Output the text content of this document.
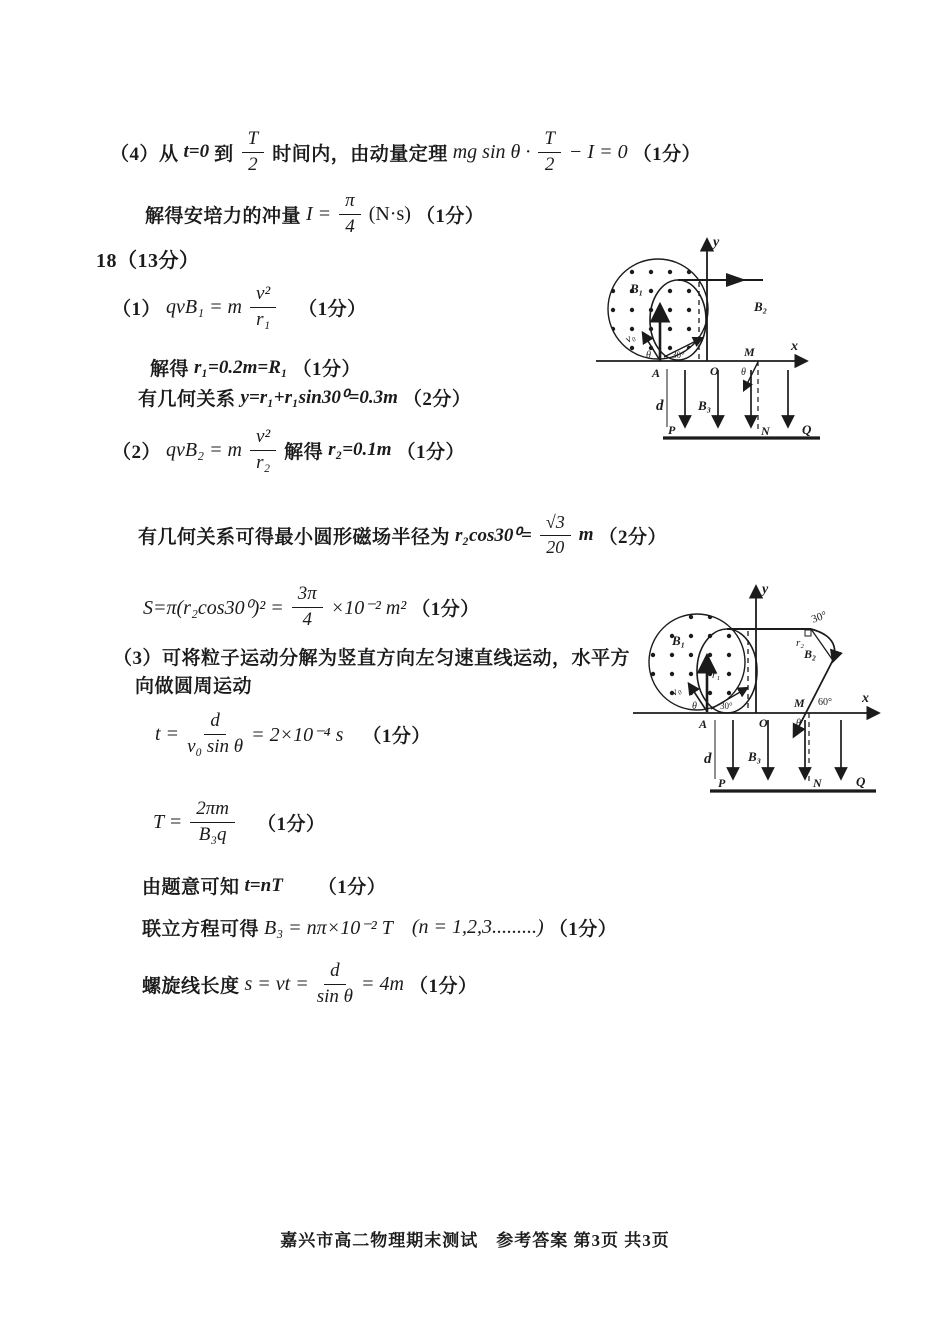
（4）从 t=0 到 $\frac{T}{2}$ 时间内，由动量定理 mg $\sin \theta \cdot \frac{T}{2} - I = 0$ （1分）
解得安培力的冲量 $I = \frac{\pi}{4} (N\cdot s)$ （1分）
18（13分）
（1） qvB₁ = m $\frac{\text{v²}}{\text{r₁}} (1$分）
解得 r₁=0.2m=R₁ （1分）
有几何关系 y=r₁+r₁sin30⁰=0.3m （2分）
（2） qvB₂ = m $\frac{\text{v²}}{\text{r₂}}$ 解得 r₂=0.1m （1分）
有几何关系可得最小圆形磁场半径为 $r_2\cos 30^0= \frac{√3}{20}$ m （2分）
$S=\pi(r_2\cos 30^0)^2 = \frac{3\pi}{4} \times 10^{-2}$ m² （1分）
（3）可将粒子运动分解为竖直方向左匀速直线运动，水平方
向做圆周运动
$t = \frac{d}{\text{v₀ sin θ}} = 2\times 10^{-4}$ s （1分）
$T = \frac{2\pi m}{\text{B₃q}} (1$分）
由题意可知 t=nT （1分）
联立方程可得 B₃ = nπ×10⁻² T (n = 1,2,3.........) （1分）
螺旋线长度 s = vt = $\frac{d}{\text{sin θ}} = 4m$ （1分）
y
x
O
A
M
N
P	Q
d
B₁
B₂
B₃
v₀
θ 30°
θ
y
x
O
A
M
N
P	Q
d
B₁
B₂
B₃
v₀
r₁
r₂
30°
60°
θ	30°
θ
嘉兴市高二物理期末测试　参考答案 第3页 共3页
